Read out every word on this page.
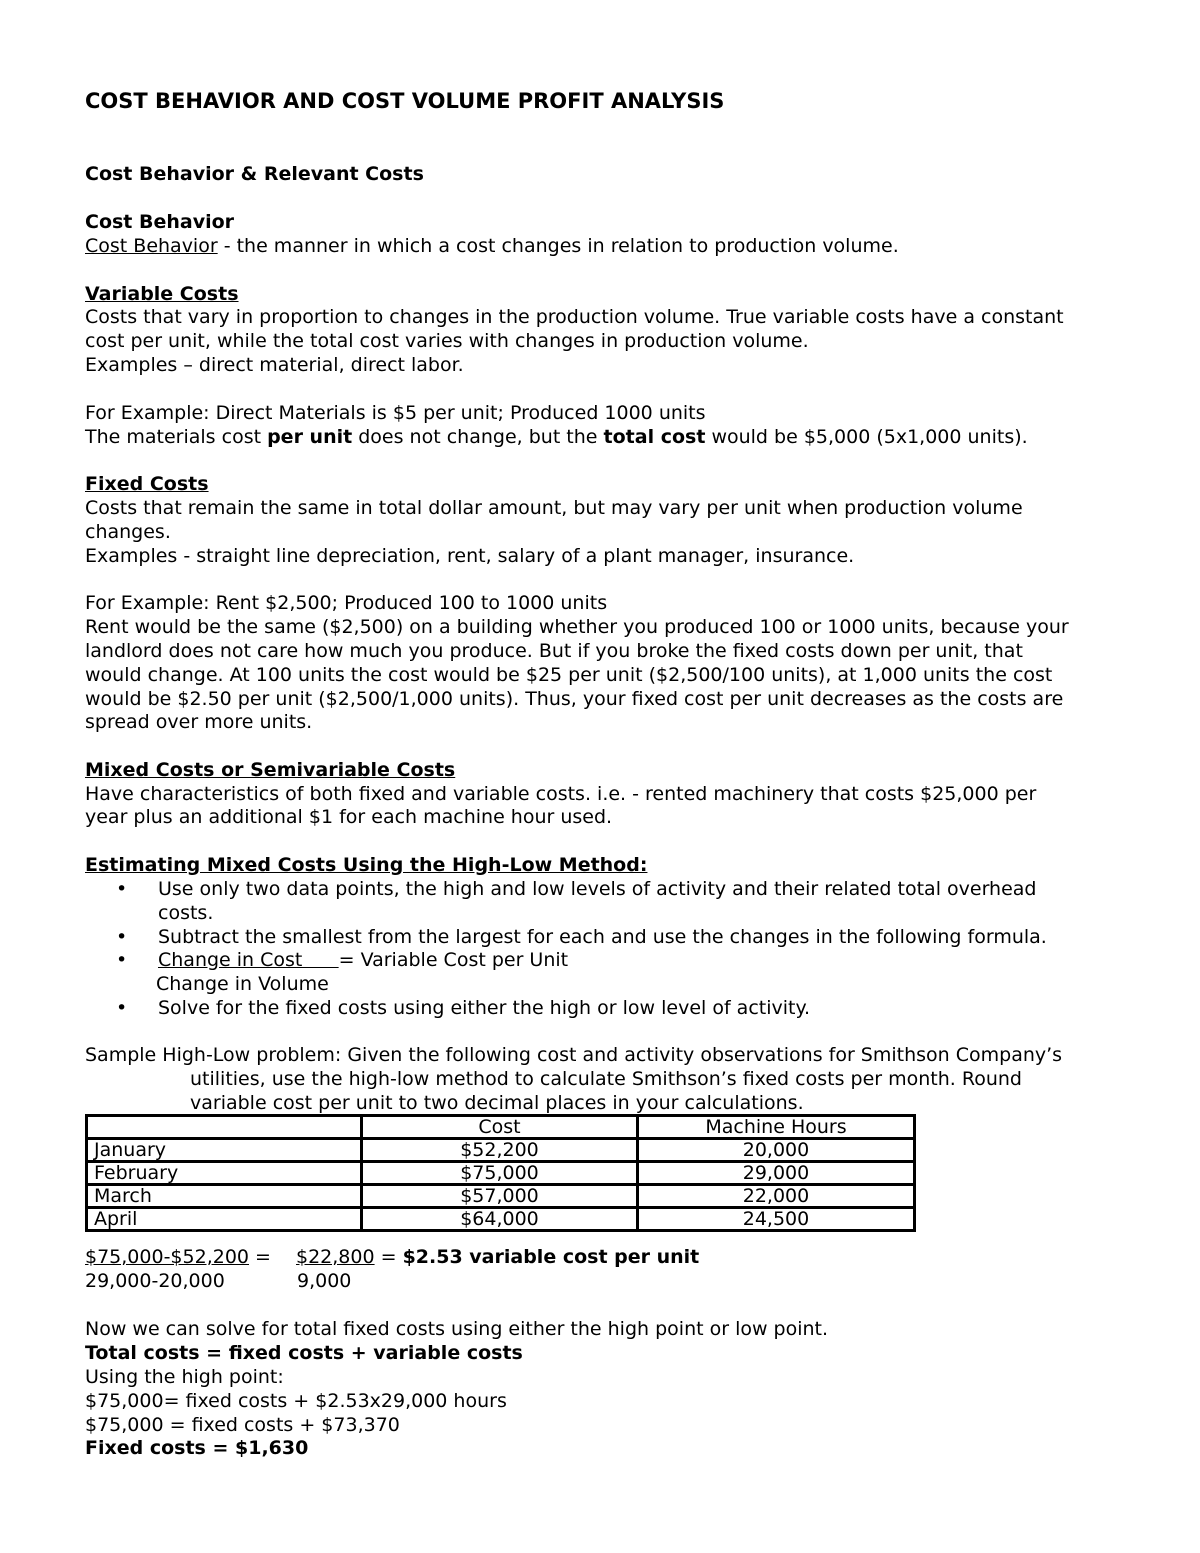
COST BEHAVIOR AND COST VOLUME PROFIT ANALYSIS
Cost Behavior & Relevant Costs
Cost Behavior
Cost Behavior - the manner in which a cost changes in relation to production volume.
Variable Costs
Costs that vary in proportion to changes in the production volume. True variable costs have a constant
cost per unit, while the total cost varies with changes in production volume.
Examples – direct material, direct labor.
For Example: Direct Materials is $5 per unit; Produced 1000 units
The materials cost per unit does not change, but the total cost would be $5,000 (5x1,000 units).
Fixed Costs
Costs that remain the same in total dollar amount, but may vary per unit when production volume
changes.
Examples - straight line depreciation, rent, salary of a plant manager, insurance.
For Example: Rent $2,500; Produced 100 to 1000 units
Rent would be the same ($2,500) on a building whether you produced 100 or 1000 units, because your
landlord does not care how much you produce. But if you broke the fixed costs down per unit, that
would change. At 100 units the cost would be $25 per unit ($2,500/100 units), at 1,000 units the cost
would be $2.50 per unit ($2,500/1,000 units). Thus, your fixed cost per unit decreases as the costs are
spread over more units.
Mixed Costs or Semivariable Costs
Have characteristics of both fixed and variable costs. i.e. - rented machinery that costs $25,000 per
year plus an additional $1 for each machine hour used.
Estimating Mixed Costs Using the High-Low Method:
• Use only two data points, the high and low levels of activity and their related total overhead
costs.
• Subtract the smallest from the largest for each and use the changes in the following formula.
• Change in Cost      = Variable Cost per Unit
Change in Volume
• Solve for the fixed costs using either the high or low level of activity.
Sample High-Low problem: Given the following cost and activity observations for Smithson Company’s
utilities, use the high-low method to calculate Smithson’s fixed costs per month. Round
variable cost per unit to two decimal places in your calculations.
	Cost	Machine Hours
January	$52,200	20,000
February	$75,000	29,000
March	$57,000	22,000
April	$64,000	24,500
$75,000-$52,200 = $22,800 = $2.53 variable cost per unit
29,000-20,000	9,000
Now we can solve for total fixed costs using either the high point or low point.
Total costs = fixed costs + variable costs
Using the high point:
$75,000= fixed costs + $2.53x29,000 hours
$75,000 = fixed costs + $73,370
Fixed costs = $1,630
